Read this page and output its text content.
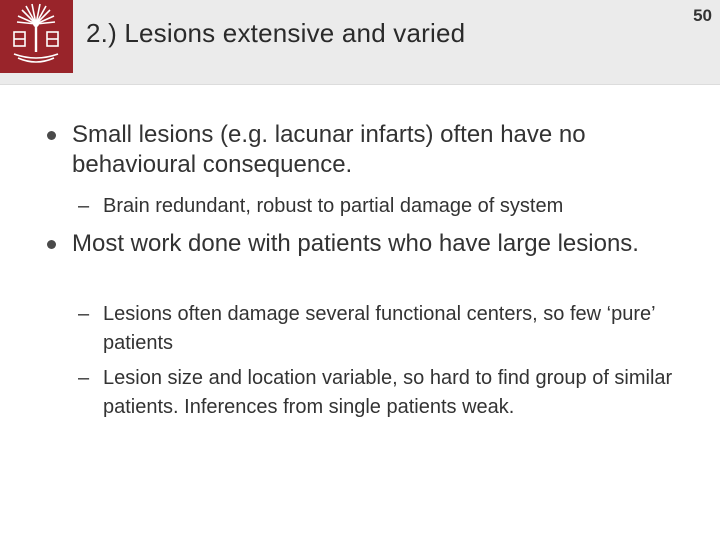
2.) Lesions extensive and varied
50
Small lesions (e.g. lacunar infarts) often have no behavioural consequence.
– Brain redundant, robust to partial damage of system
Most work done with patients who have large lesions.
– Lesions often damage several functional centers, so few ‘pure’ patients
– Lesion size and location variable, so hard to find group of similar patients. Inferences from single patients weak.
